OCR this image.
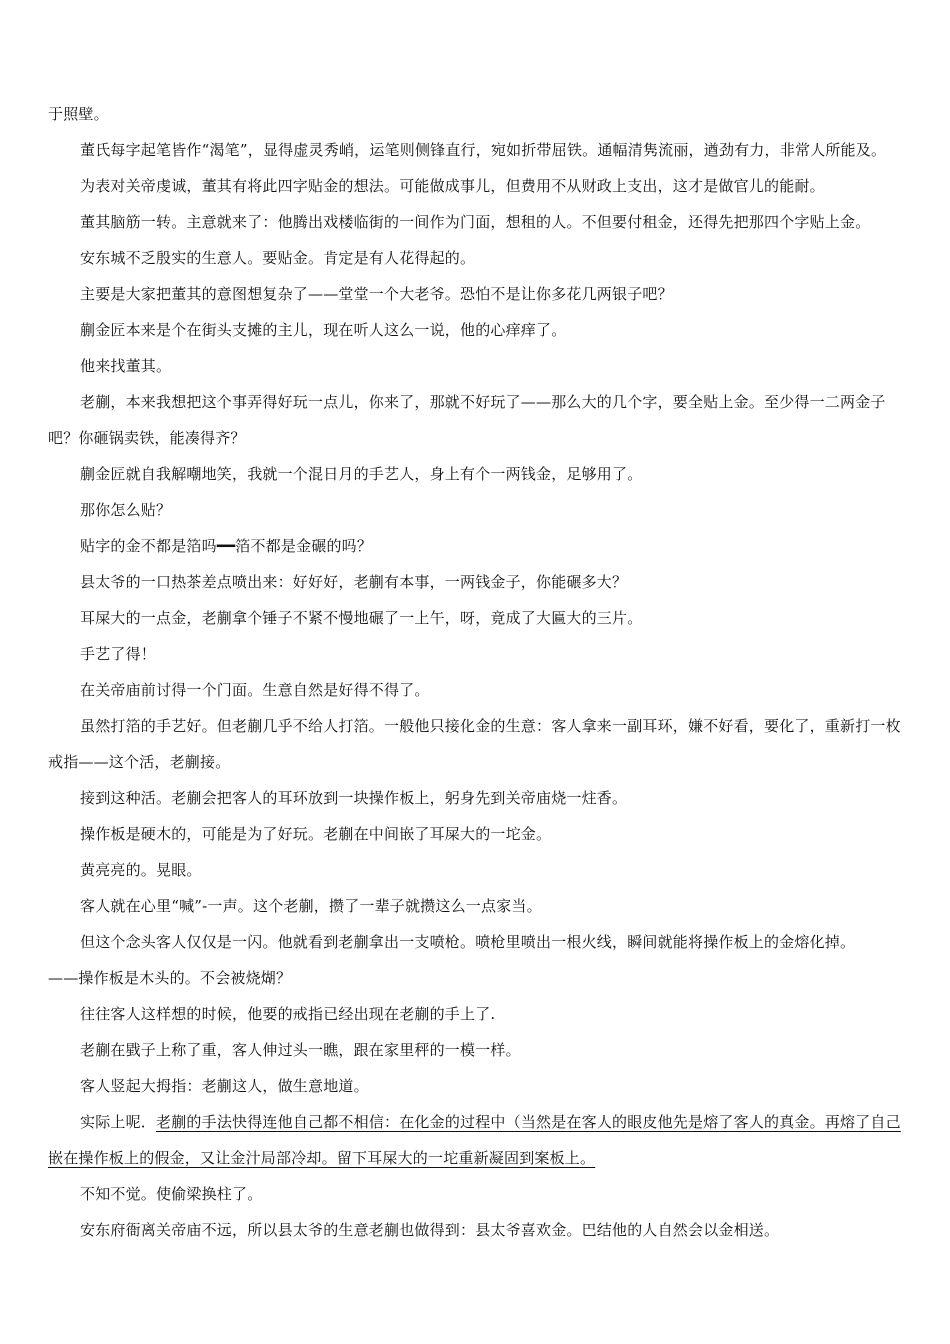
于照壁。

董氏每字起笔皆作“渴笔”，显得虚灵秀峭，运笔则侧锋直行，宛如折带屈铁。通幅清隽流丽，遒劲有力，非常人所能及。

为表对关帝虔诚，董其有将此四字贴金的想法。可能做成事儿，但费用不从财政上支出，这才是做官儿的能耐。

董其脑筋一转。主意就来了：他腾出戏楼临街的一间作为门面，想租的人。不但要付租金，还得先把那四个字贴上金。

安东城不乏殷实的生意人。要贴金。肯定是有人花得起的。

主要是大家把董其的意图想复杂了——堂堂一个大老爷。恐怕不是让你多花几两银子吧？

蒯金匠本来是个在街头支摊的主儿，现在听人这么一说，他的心痒痒了。

他来找董其。

老蒯，本来我想把这个事弄得好玩一点儿，你来了，那就不好玩了——那么大的几个字，要全贴上金。至少得一二两金子吧？你砸锅卖铁，能凑得齐？

蒯金匠就自我解嘲地笑，我就一个混日月的手艺人，身上有个一两钱金，足够用了。

那你怎么贴？

贴字的金不都是箔吗━━箔不都是金碾的吗？

县太爷的一口热茶差点喷出来：好好好，老蒯有本事，一两钱金子，你能碾多大？

耳屎大的一点金，老蒯拿个锤子不紧不慢地碾了一上午，呀，竟成了大匾大的三片。

手艺了得！

在关帝庙前讨得一个门面。生意自然是好得不得了。

虽然打箔的手艺好。但老蒯几乎不给人打箔。一般他只接化金的生意：客人拿来一副耳环，嫌不好看，要化了，重新打一枚戒指——这个活，老蒯接。

接到这种活。老蒯会把客人的耳环放到一块操作板上，躬身先到关帝庙烧一炷香。

操作板是硬木的，可能是为了好玩。老蒯在中间嵌了耳屎大的一坨金。

黄亮亮的。晃眼。

客人就在心里“喊”-一声。这个老蒯，攒了一辈子就攒这么一点家当。

但这个念头客人仅仅是一闪。他就看到老蒯拿出一支喷枪。喷枪里喷出一根火线，瞬间就能将操作板上的金熔化掉。

——操作板是木头的。不会被烧煳？

往往客人这样想的时候，他要的戒指已经出现在老蒯的手上了.

老蒯在戥子上称了重，客人伸过头一瞧，跟在家里秤的一模一样。

客人竖起大拇指：老蒯这人，做生意地道。

实际上呢．老蒯的手法快得连他自己都不相信：在化金的过程中（当然是在客人的眼皮他先是熔了客人的真金。再熔了自己嵌在操作板上的假金，又让金汁局部冷却。留下耳屎大的一坨重新凝固到案板上。

不知不觉。使偷梁换柱了。

安东府衙离关帝庙不远，所以县太爷的生意老蒯也做得到：县太爷喜欢金。巴结他的人自然会以金相送。
